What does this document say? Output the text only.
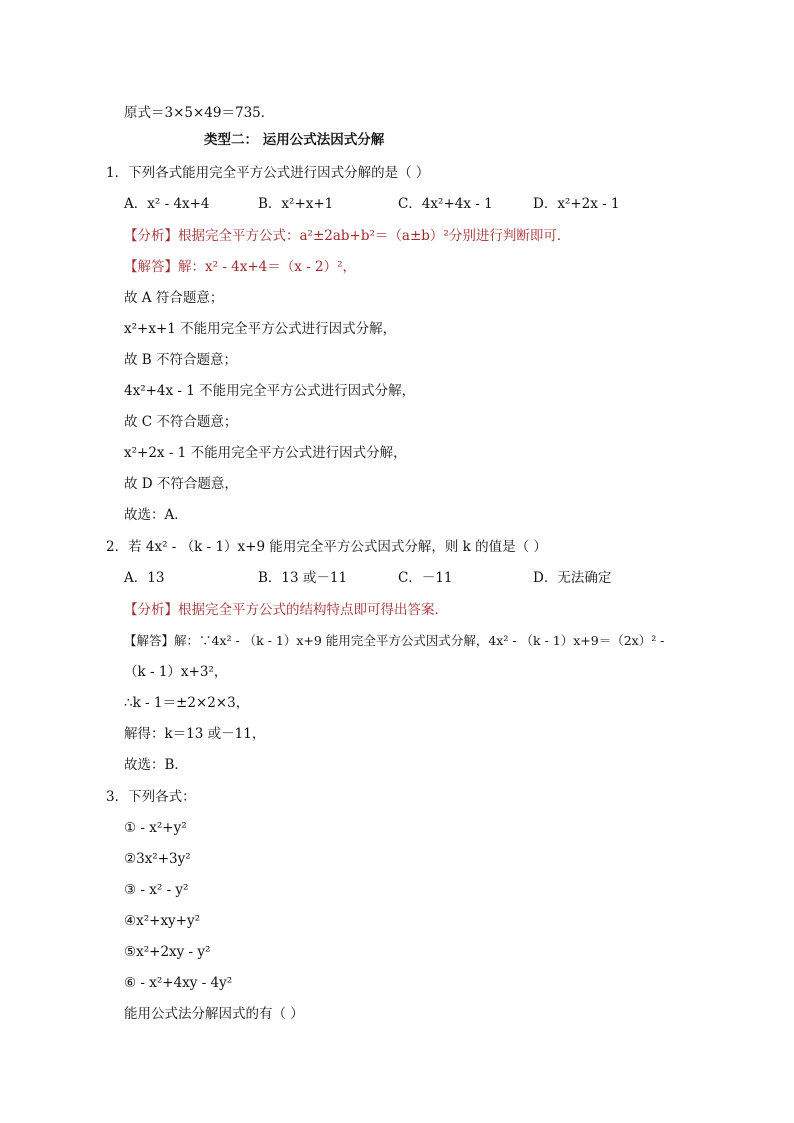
原式＝3×5×49＝735．
类型二： 运用公式法因式分解
1．下列各式能用完全平方公式进行因式分解的是（ ）
A．x² - 4x+4	B．x²+x+1	C．4x²+4x - 1	D．x²+2x - 1
【分析】根据完全平方公式：a²±2ab+b²＝（a±b）²分别进行判断即可．
【解答】解：x² - 4x+4＝（x - 2）²，
故 A 符合题意；
x²+x+1 不能用完全平方公式进行因式分解，
故 B 不符合题意；
4x²+4x - 1 不能用完全平方公式进行因式分解，
故 C 不符合题意；
x²+2x - 1 不能用完全平方公式进行因式分解，
故 D 不符合题意，
故选：A．
2．若 4x² - （k - 1）x+9 能用完全平方公式因式分解，则 k 的值是（ ）
A．13	B．13 或－11	C．－11	D．无法确定
【分析】根据完全平方公式的结构特点即可得出答案．
【解答】解：∵4x² - （k - 1）x+9 能用完全平方公式因式分解，4x² - （k - 1）x+9＝（2x）² -
（k - 1）x+3²，
∴k - 1＝±2×2×3，
解得：k＝13 或－11，
故选：B．
3．下列各式：
① - x²+y²
②3x²+3y²
③ - x² - y²
④x²+xy+y²
⑤x²+2xy - y²
⑥ - x²+4xy - 4y²
能用公式法分解因式的有（ ）
